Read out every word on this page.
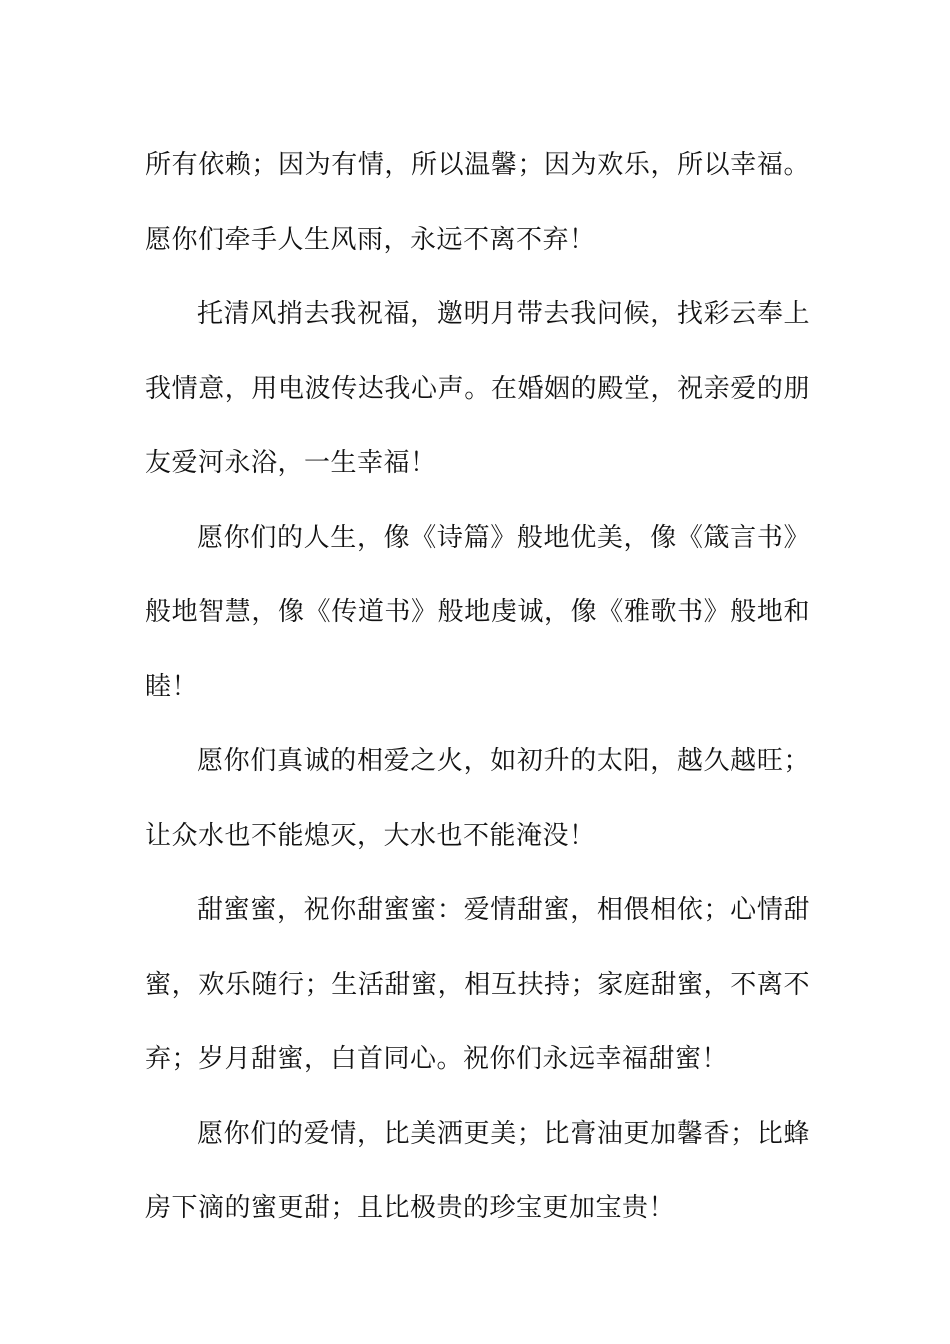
所有依赖；因为有情，所以温馨；因为欢乐，所以幸福。愿你们牵手人生风雨，永远不离不弃！

托清风捎去我祝福，邀明月带去我问候，找彩云奉上我情意，用电波传达我心声。在婚姻的殿堂，祝亲爱的朋友爱河永浴，一生幸福！

愿你们的人生，像《诗篇》般地优美，像《箴言书》般地智慧，像《传道书》般地虔诚，像《雅歌书》般地和睦！

愿你们真诚的相爱之火，如初升的太阳，越久越旺；让众水也不能熄灭，大水也不能淹没！

甜蜜蜜，祝你甜蜜蜜：爱情甜蜜，相偎相依；心情甜蜜，欢乐随行；生活甜蜜，相互扶持；家庭甜蜜，不离不弃；岁月甜蜜，白首同心。祝你们永远幸福甜蜜！

愿你们的爱情，比美洒更美；比膏油更加馨香；比蜂房下滴的蜜更甜；且比极贵的珍宝更加宝贵！
